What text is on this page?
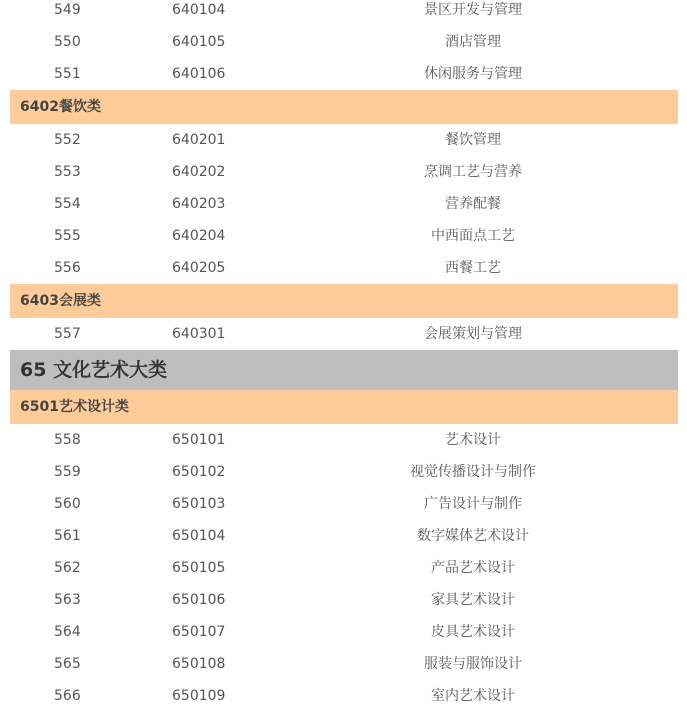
549	640104	景区开发与管理
550	640105	酒店管理
551	640106	休闲服务与管理
6402餐饮类
552	640201	餐饮管理
553	640202	烹调工艺与营养
554	640203	营养配餐
555	640204	中西面点工艺
556	640205	西餐工艺
6403会展类
557	640301	会展策划与管理
65 文化艺术大类
6501艺术设计类
558	650101	艺术设计
559	650102	视觉传播设计与制作
560	650103	广告设计与制作
561	650104	数字媒体艺术设计
562	650105	产品艺术设计
563	650106	家具艺术设计
564	650107	皮具艺术设计
565	650108	服装与服饰设计
566	650109	室内艺术设计
